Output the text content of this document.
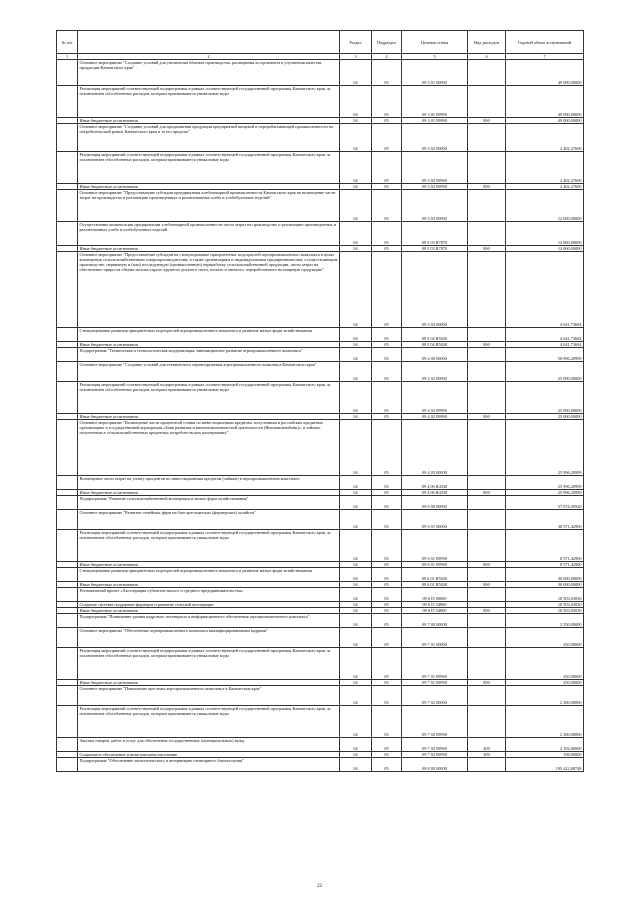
№ п/п		Раздел	Подраздел	Целевая статья	Вид расходов	Годовой объем ассигнований
1	2	3	4	5	6	7
	Основное мероприятие "Создание условий для увеличения объемов производства, расширения ассортимента и улучшения качества продукции Камчатского края"	04	05	09 3 01 00000		49 000,00000
	Реализация мероприятий соответствующей подпрограммы в рамках соответствующей государственной программы Камчатского края, за исключением обособленных расходов, которым присваиваются уникальные коды	04	05	09 3 01 09990		49 000,00000
	Иные бюджетные ассигнования	04	05	09 3 01 09990	800	49 000,00000
	Основное мероприятие "Создание условий для продвижения продукции предприятий пищевой и перерабатывающей промышленности на потребительский рынок Камчатского края и за его пределы"	04	05	09 3 02 00000		2 402,27600
	Реализация мероприятий соответствующей подпрограммы в рамках соответствующей государственной программы Камчатского края, за исключением обособленных расходов, которым присваиваются уникальные коды	04	05	09 3 02 09990		2 402,27600
	Иные бюджетные ассигнования	04	05	09 3 02 09990	800	2 402,27600
	Основное мероприятие "Предоставление субсидии предприятиям хлебопекарной промышленности Камчатского края на возмещение части затрат на производство и реализацию произведенных и реализованных хлеба и хлебобулочных изделий"	04	05	09 3 03 00000		12 000,00000
	Осуществление компенсации предприятиям хлебопекарной промышленности части затрат на производство и реализацию произведенных и реализованных хлеба и хлебобулочных изделий	04	05	09 3 03 R7870		12 000,00000
	Иные бюджетные ассигнования	04	05	09 3 03 R7870	800	12 000,00000
	Основное мероприятие "Предоставление субсидии на стимулирование приоритетных подотраслей агропромышленного комплекса в целях возмещения сельскохозяйственным товаропроизводителям, в также организациям и индивидуальным предпринимателям, осуществляющим производство, первичную и (или) последующую (промышленную) переработку сельскохозяйственной продукции, части затрат на обеспечение прироста объема молока сырого крупного рогатого скота, козьего и овечьего, переработанного на пищевую продукцию"	04	05	09 3 04 00000		4 041,73684
	Стимулирование развития приоритетных подотраслей агропромышленного комплекса и развитие малых форм хозяйствования	04	05	09 3 04 R5020		4 041,73684
	Иные бюджетные ассигнования	04	05	09 3 04 R5020	800	4 041,73684
	Подпрограмма "Техническая и технологическая модернизация, инновационное развитие агропромышленного комплекса"	04	05	09 4 00 00000		50 996,20999
	Основное мероприятие "Создание условий для технического перевооружения агропромышленного комплекса Камчатского края"	04	05	09 4 02 00000		25 000,00000
	Реализация мероприятий соответствующей подпрограммы в рамках соответствующей государственной программы Камчатского края, за исключением обособленных расходов, которым присваиваются уникальные коды	04	05	09 4 02 09990		25 000,00000
	Иные бюджетные ассигнования	04	05	09 4 02 09990	800	25 000,00000
	Основное мероприятие "Возмещение части процентной ставки по инвестиционным кредитам, полученным в российских кредитных организациях и государственной корпорации «Банк развития и внешнеэкономической деятельности (Внешэкономбанк)», и займам, полученным в сельскохозяйственных кредитных потребительских кооперативах"	04	05	09 4 05 00000		25 996,20999
	Возмещение части затрат на уплату процентов по инвестиционным кредитам (займам) в агропромышленном комплексе	04	05	09 4 06 R4330		25 996,20999
	Иные бюджетные ассигнования	04	05	09 4 06 R4330	800	25 996,20999
	Подпрограмма "Развитие сельскохозяйственной кооперации и малых форм хозяйствования"	04	05	09 6 00 00000		57 074,45920
	Основное мероприятие "Развитие семейных ферм на базе крестьянских (фермерских) хозяйств"	04	05	09 6 01 00000		38 571,42900
	Реализация мероприятий соответствующей подпрограммы в рамках соответствующей государственной программы Камчатского края, за исключением обособленных расходов, которым присваиваются уникальные коды	04	05	09 6 01 09990		8 571,42900
	Иные бюджетные ассигнования	04	05	09 6 01 09990	800	8 571,42900
	Стимулирование развития приоритетных подотраслей агропромышленного комплекса и развитие малых форм хозяйствования	04	05	09 6 01 R5020		30 000,00000
	Иные бюджетные ассигнования	04	05	09 6 01 R5020	800	30 000,00000
	Региональный проект «Акселерация субъектов малого и среднего предпринимательства»	04	05	09 6 I5 00000		18 503,03030
	Создание системы поддержки фермеров и развитие сельской кооперации	04	05	09 6 I5 54800		18 503,03030
	Иные бюджетные ассигнования	04	05	09 6 I5 54800	800	18 503,03030
	Подпрограмма "Повышение уровня кадрового потенциала и информационного обеспечения агропромышленного комплекса"	04	05	09 7 00 00000		2 550,00000
	Основное мероприятие "Обеспечение агропромышленного комплекса квалифицированными кадрами"	04	05	09 7 01 00000		250,00000
	Реализация мероприятий соответствующей подпрограммы в рамках соответствующей государственной программы Камчатского края, за исключением обособленных расходов, которым присваиваются уникальные коды	04	05	09 7 01 09990		250,00000
	Иные бюджетные ассигнования	04	05	09 7 01 09990	800	250,00000
	Основное мероприятие "Повышение престижа агропромышленного комплекса в Камчатском крае"	04	05	09 7 02 00000		2 300,00000
	Реализация мероприятий соответствующей подпрограммы в рамках соответствующей государственной программы Камчатского края, за исключением обособленных расходов, которым присваиваются уникальные коды	04	05	09 7 02 09990		2 300,00000
	Закупка товаров, работ и услуг для обеспечения государственных (муниципальных) нужд	04	05	09 7 02 09990	200	2 102,00000
	Социальное обеспечение и иные выплаты населению	04	05	09 7 02 09990	300	198,00000
	Подпрограмма "Обеспечение эпизоотического и ветеринарно-санитарного благополучия"	04	05	09 8 00 00000		195 422,68748
22
